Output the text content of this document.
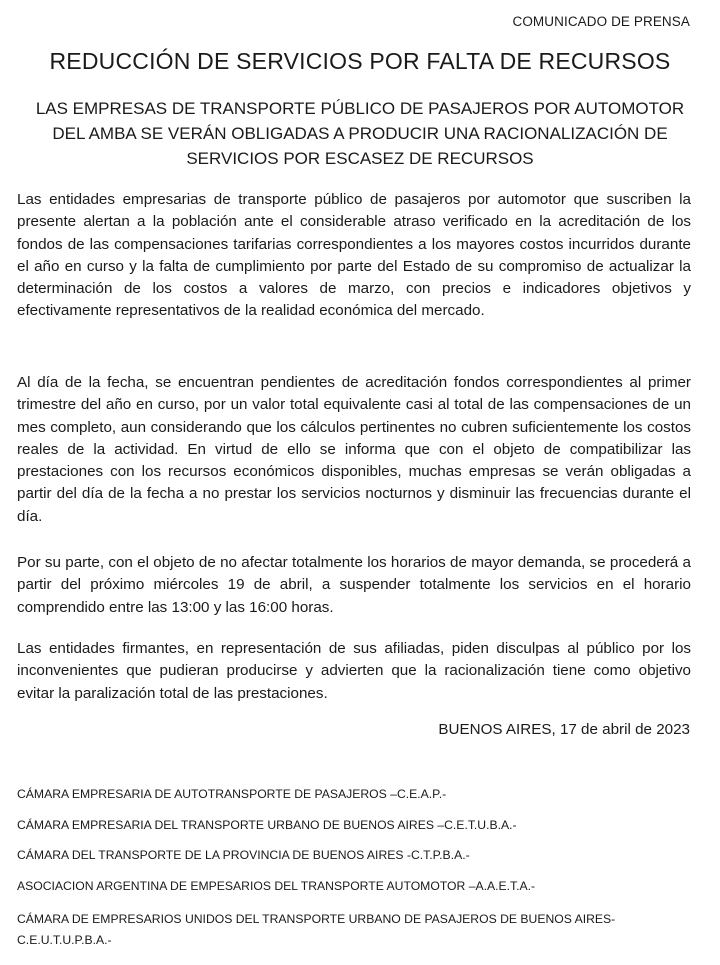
COMUNICADO DE PRENSA
REDUCCIÓN DE SERVICIOS POR FALTA DE RECURSOS
LAS EMPRESAS DE TRANSPORTE PÚBLICO DE PASAJEROS POR AUTOMOTOR DEL AMBA SE VERÁN OBLIGADAS A PRODUCIR UNA RACIONALIZACIÓN DE SERVICIOS POR ESCASEZ DE RECURSOS

Las entidades empresarias de transporte público de pasajeros por automotor que suscriben la presente alertan a la población ante el considerable atraso verificado en la acreditación de los fondos de las compensaciones tarifarias correspondientes a los mayores costos incurridos durante el año en curso y la falta de cumplimiento por parte del Estado de su compromiso de actualizar la determinación de los costos a valores de marzo, con precios e indicadores objetivos y efectivamente representativos de la realidad económica del mercado.

Al día de la fecha, se encuentran pendientes de acreditación fondos correspondientes al primer trimestre del año en curso, por un valor total equivalente casi al total de las compensaciones de un mes completo, aun considerando que los cálculos pertinentes no cubren suficientemente los costos reales de la actividad. En virtud de ello se informa que con el objeto de compatibilizar las prestaciones con los recursos económicos disponibles, muchas empresas se verán obligadas a partir del día de la fecha a no prestar los servicios nocturnos y disminuir las frecuencias durante el día.

Por su parte, con el objeto de no afectar totalmente los horarios de mayor demanda, se procederá a partir del próximo miércoles 19 de abril, a suspender totalmente los servicios en el horario comprendido entre las 13:00 y las 16:00 horas.

Las entidades firmantes, en representación de sus afiliadas, piden disculpas al público por los inconvenientes que pudieran producirse y advierten que la racionalización tiene como objetivo evitar la paralización total de las prestaciones.

BUENOS AIRES, 17 de abril de 2023
CÁMARA EMPRESARIA DE AUTOTRANSPORTE DE PASAJEROS –C.E.A.P.-
CÁMARA EMPRESARIA DEL TRANSPORTE URBANO DE BUENOS AIRES –C.E.T.U.B.A.-
CÁMARA DEL TRANSPORTE DE LA PROVINCIA DE BUENOS AIRES -C.T.P.B.A.-
ASOCIACION ARGENTINA DE EMPESARIOS DEL TRANSPORTE AUTOMOTOR –A.A.E.T.A.-
CÁMARA DE EMPRESARIOS UNIDOS DEL TRANSPORTE URBANO DE PASAJEROS DE BUENOS AIRES- C.E.U.T.U.P.B.A.-
